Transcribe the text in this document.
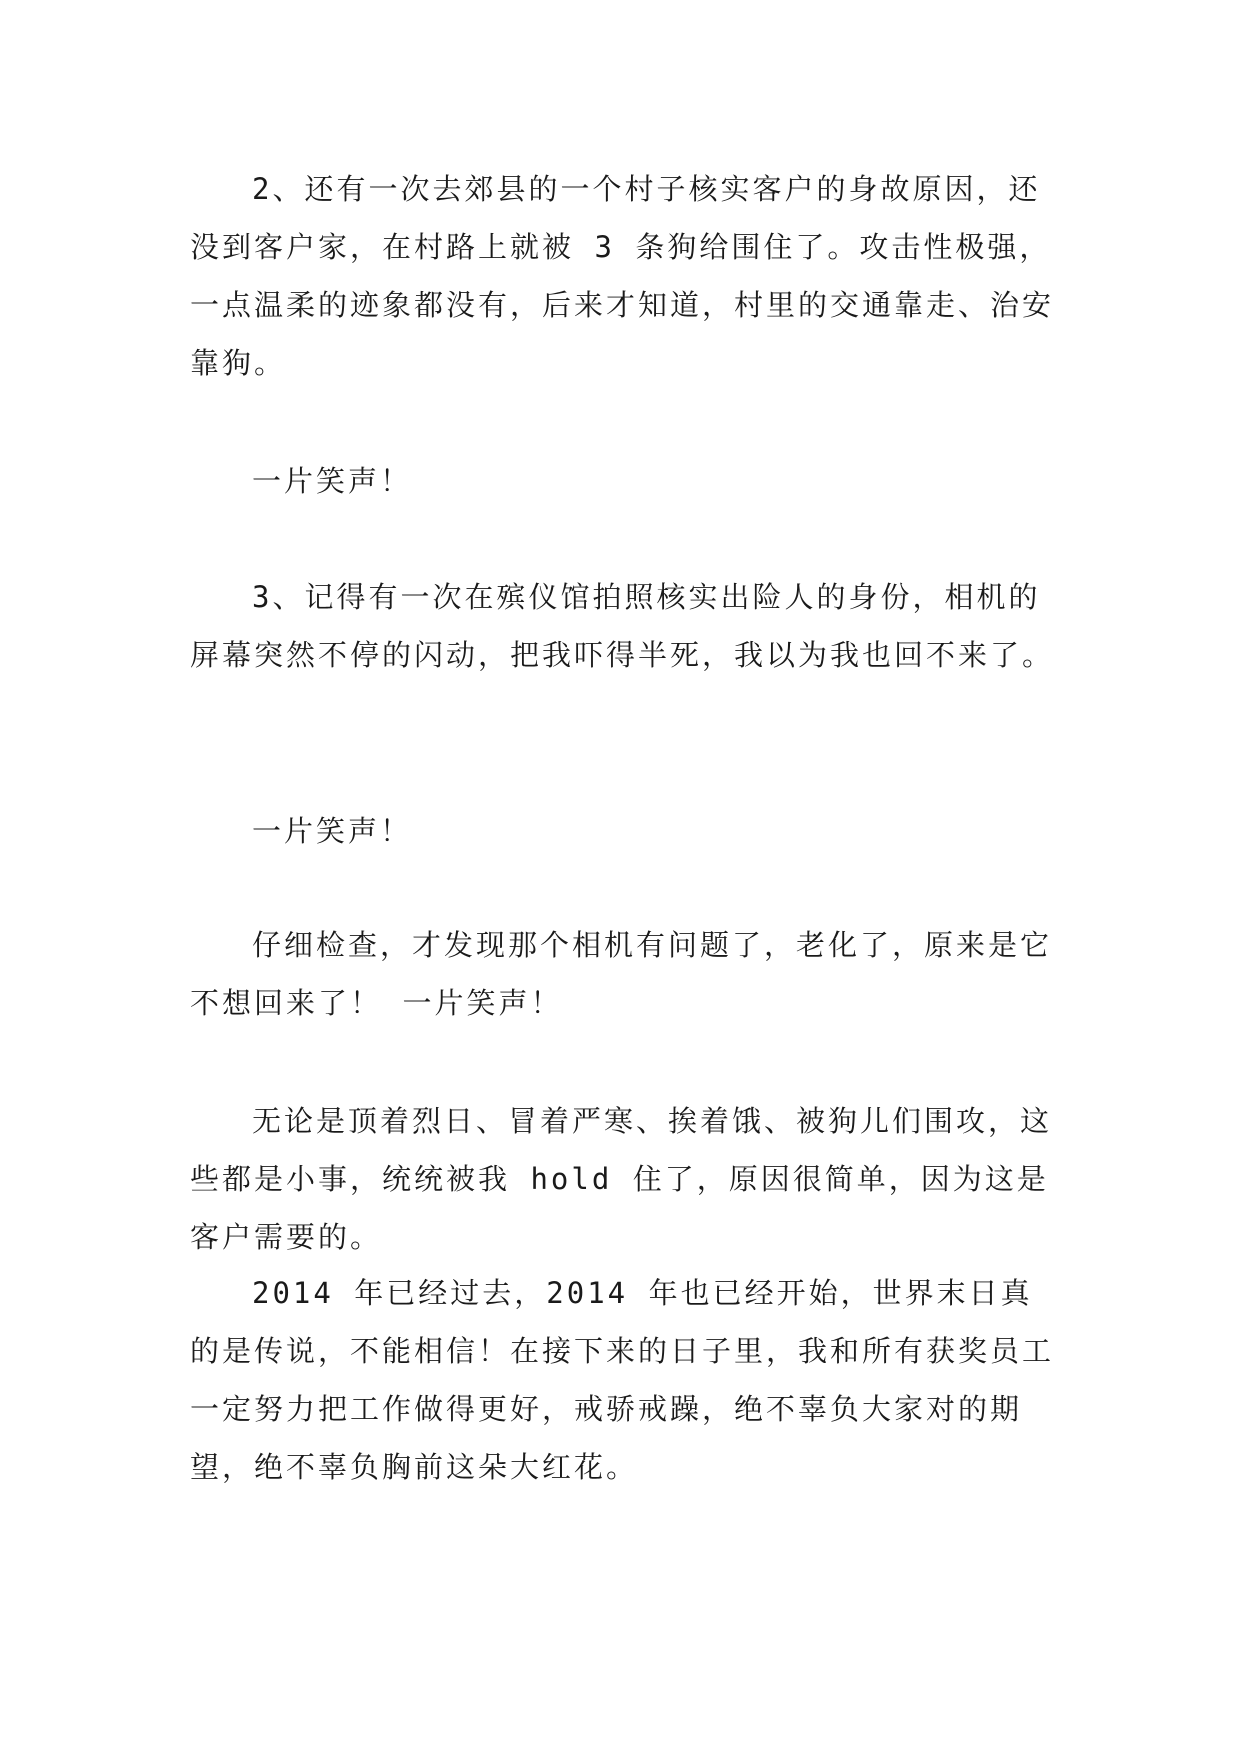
2、还有一次去郊县的一个村子核实客户的身故原因，还没到客户家，在村路上就被 3 条狗给围住了。攻击性极强，一点温柔的迹象都没有，后来才知道，村里的交通靠走、治安靠狗。

一片笑声！

3、记得有一次在殡仪馆拍照核实出险人的身份，相机的屏幕突然不停的闪动，把我吓得半死，我以为我也回不来了。

一片笑声！

仔细检查，才发现那个相机有问题了，老化了，原来是它不想回来了！ 一片笑声！

无论是顶着烈日、冒着严寒、挨着饿、被狗儿们围攻，这些都是小事，统统被我 hold 住了，原因很简单，因为这是客户需要的。

2014 年已经过去，2014 年也已经开始，世界末日真的是传说，不能相信！在接下来的日子里，我和所有获奖员工一定努力把工作做得更好，戒骄戒躁，绝不辜负大家对的期望，绝不辜负胸前这朵大红花。
